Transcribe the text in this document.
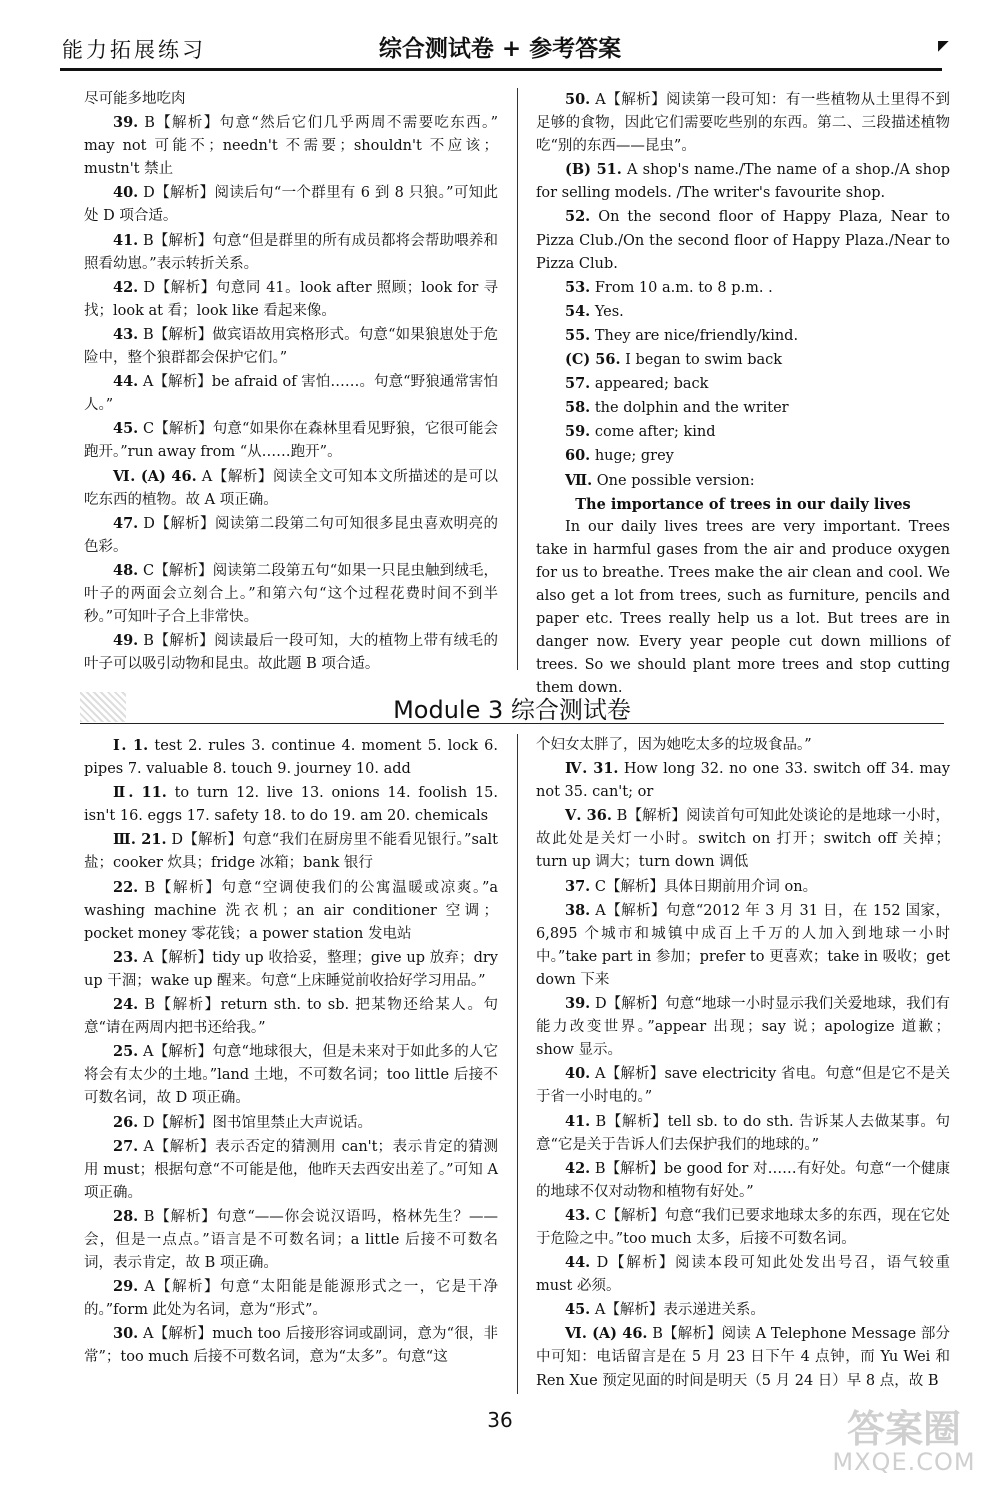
能力拓展练习	综合测试卷 + 参考答案	◤

尽可能多地吃肉

39. B【解析】句意“然后它们几乎两周不需要吃东西。” may not 可能不；needn't 不需要；shouldn't 不应该；mustn't 禁止

40. D【解析】阅读后句“一个群里有 6 到 8 只狼。”可知此处 D 项合适。

41. B【解析】句意“但是群里的所有成员都将会帮助喂养和照看幼崽。”表示转折关系。

42. D【解析】句意同 41。look after 照顾；look for 寻找；look at 看；look like 看起来像。

43. B【解析】做宾语故用宾格形式。句意“如果狼崽处于危险中，整个狼群都会保护它们。”

44. A【解析】be afraid of 害怕……。句意“野狼通常害怕人。”

45. C【解析】句意“如果你在森林里看见野狼，它很可能会跑开。”run away from “从……跑开”。

Ⅵ. (A) 46. A【解析】阅读全文可知本文所描述的是可以吃东西的植物。故 A 项正确。

47. D【解析】阅读第二段第二句可知很多昆虫喜欢明亮的色彩。

48. C【解析】阅读第二段第五句“如果一只昆虫触到绒毛，叶子的两面会立刻合上。”和第六句“这个过程花费时间不到半秒。”可知叶子合上非常快。

49. B【解析】阅读最后一段可知，大的植物上带有绒毛的叶子可以吸引动物和昆虫。故此题 B 项合适。

50. A【解析】阅读第一段可知：有一些植物从土里得不到足够的食物，因此它们需要吃些别的东西。第二、三段描述植物吃“别的东西——昆虫”。

(B) 51. A shop's name./The name of a shop./A shop for selling models. /The writer's favourite shop.

52. On the second floor of Happy Plaza, Near to Pizza Club./On the second floor of Happy Plaza./Near to Pizza Club.

53. From 10 a.m. to 8 p.m. .

54. Yes.

55. They are nice/friendly/kind.

(C) 56. I began to swim back

57. appeared; back

58. the dolphin and the writer

59. come after; kind

60. huge; grey

Ⅶ. One possible version:

The importance of trees in our daily lives

In our daily lives trees are very important. Trees take in harmful gases from the air and produce oxygen for us to breathe. Trees make the air clean and cool. We also get a lot from trees, such as furniture, pencils and paper etc. Trees really help us a lot. But trees are in danger now. Every year people cut down millions of trees. So we should plant more trees and stop cutting them down.

Module 3 综合测试卷

Ⅰ. 1. test 2. rules 3. continue 4. moment 5. lock 6. pipes 7. valuable 8. touch 9. journey 10. add

Ⅱ. 11. to turn 12. live 13. onions 14. foolish 15. isn't 16. eggs 17. safety 18. to do 19. am 20. chemicals

Ⅲ. 21. D【解析】句意“我们在厨房里不能看见银行。”salt 盐；cooker 炊具；fridge 冰箱；bank 银行

22. B【解析】句意“空调使我们的公寓温暖或凉爽。”a washing machine 洗衣机；an air conditioner 空调；pocket money 零花钱；a power station 发电站

23. A【解析】tidy up 收拾妥，整理；give up 放弃；dry up 干涸；wake up 醒来。句意“上床睡觉前收拾好学习用品。”

24. B【解析】return sth. to sb. 把某物还给某人。句意“请在两周内把书还给我。”

25. A【解析】句意“地球很大，但是未来对于如此多的人它将会有太少的土地。”land 土地，不可数名词；too little 后接不可数名词，故 D 项正确。

26. D【解析】图书馆里禁止大声说话。

27. A【解析】表示否定的猜测用 can't；表示肯定的猜测用 must；根据句意“不可能是他，他昨天去西安出差了。”可知 A 项正确。

28. B【解析】句意“——你会说汉语吗，格林先生？——会，但是一点点。”语言是不可数名词；a little 后接不可数名词，表示肯定，故 B 项正确。

29. A【解析】句意“太阳能是能源形式之一，它是干净的。”form 此处为名词，意为“形式”。

30. A【解析】much too 后接形容词或副词，意为“很，非常”；too much 后接不可数名词，意为“太多”。句意“这

个妇女太胖了，因为她吃太多的垃圾食品。”

Ⅳ. 31. How long 32. no one 33. switch off 34. may not 35. can't; or

Ⅴ. 36. B【解析】阅读首句可知此处谈论的是地球一小时，故此处是关灯一小时。switch on 打开；switch off 关掉；turn up 调大；turn down 调低

37. C【解析】具体日期前用介词 on。

38. A【解析】句意“2012 年 3 月 31 日，在 152 国家，6,895 个城市和城镇中成百上千万的人加入到地球一小时中。”take part in 参加；prefer to 更喜欢；take in 吸收；get down 下来

39. D【解析】句意“地球一小时显示我们关爱地球，我们有能力改变世界。”appear 出现；say 说；apologize 道歉；show 显示。

40. A【解析】save electricity 省电。句意“但是它不是关于省一小时电的。”

41. B【解析】tell sb. to do sth. 告诉某人去做某事。句意“它是关于告诉人们去保护我们的地球的。”

42. B【解析】be good for 对……有好处。句意“一个健康的地球不仅对动物和植物有好处。”

43. C【解析】句意“我们已要求地球太多的东西，现在它处于危险之中。”too much 太多，后接不可数名词。

44. D【解析】阅读本段可知此处发出号召，语气较重 must 必须。

45. A【解析】表示递进关系。

Ⅵ. (A) 46. B【解析】阅读 A Telephone Message 部分中可知：电话留言是在 5 月 23 日下午 4 点钟，而 Yu Wei 和 Ren Xue 预定见面的时间是明天（5 月 24 日）早 8 点，故 B

36	答案圈
MXQE.COM
